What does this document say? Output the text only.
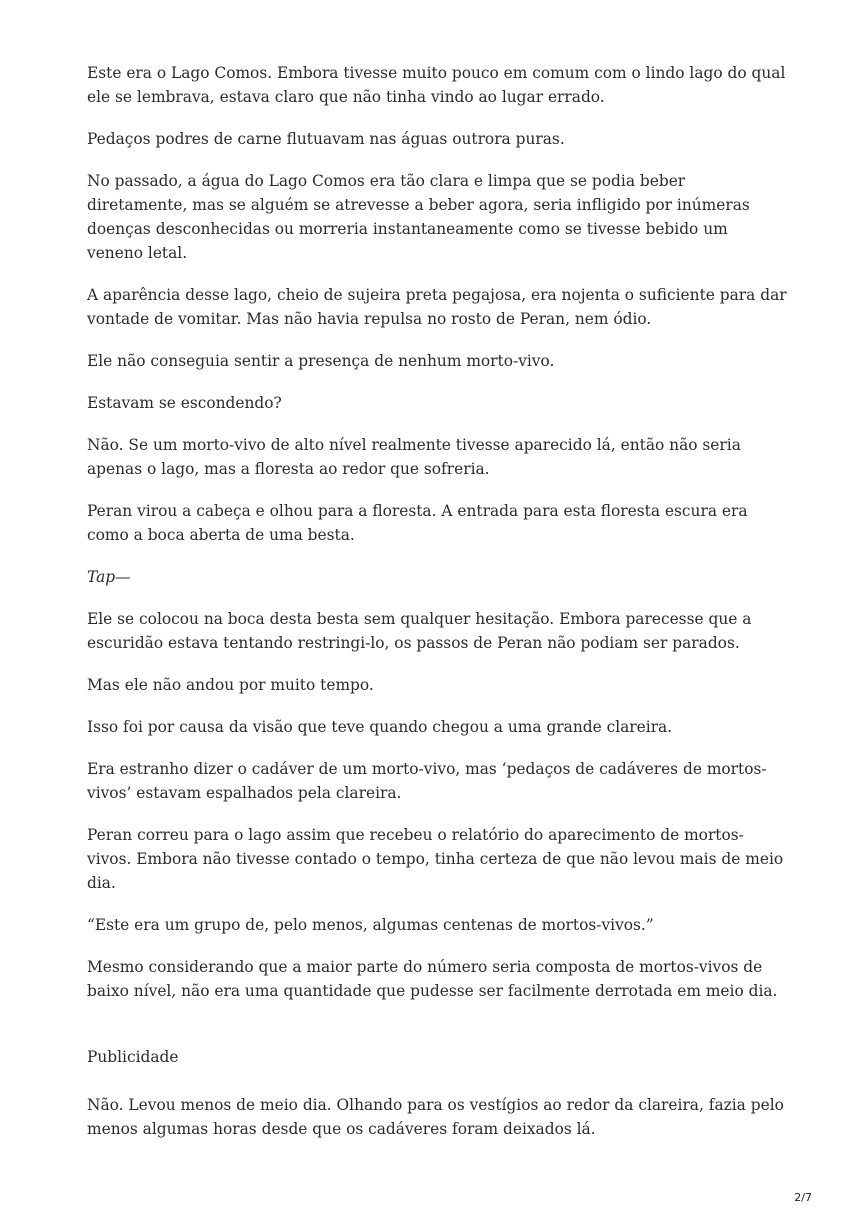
Este era o Lago Comos. Embora tivesse muito pouco em comum com o lindo lago do qual ele se lembrava, estava claro que não tinha vindo ao lugar errado.

Pedaços podres de carne flutuavam nas águas outrora puras.

No passado, a água do Lago Comos era tão clara e limpa que se podia beber diretamente, mas se alguém se atrevesse a beber agora, seria infligido por inúmeras doenças desconhecidas ou morreria instantaneamente como se tivesse bebido um veneno letal.

A aparência desse lago, cheio de sujeira preta pegajosa, era nojenta o suficiente para dar vontade de vomitar. Mas não havia repulsa no rosto de Peran, nem ódio.

Ele não conseguia sentir a presença de nenhum morto-vivo.

Estavam se escondendo?

Não. Se um morto-vivo de alto nível realmente tivesse aparecido lá, então não seria apenas o lago, mas a floresta ao redor que sofreria.

Peran virou a cabeça e olhou para a floresta. A entrada para esta floresta escura era como a boca aberta de uma besta.

Tap—

Ele se colocou na boca desta besta sem qualquer hesitação. Embora parecesse que a escuridão estava tentando restringi-lo, os passos de Peran não podiam ser parados.

Mas ele não andou por muito tempo.

Isso foi por causa da visão que teve quando chegou a uma grande clareira.

Era estranho dizer o cadáver de um morto-vivo, mas ‘pedaços de cadáveres de mortos-vivos’ estavam espalhados pela clareira.

Peran correu para o lago assim que recebeu o relatório do aparecimento de mortos-vivos. Embora não tivesse contado o tempo, tinha certeza de que não levou mais de meio dia.

“Este era um grupo de, pelo menos, algumas centenas de mortos-vivos.”

Mesmo considerando que a maior parte do número seria composta de mortos-vivos de baixo nível, não era uma quantidade que pudesse ser facilmente derrotada em meio dia.

Publicidade

Não. Levou menos de meio dia. Olhando para os vestígios ao redor da clareira, fazia pelo menos algumas horas desde que os cadáveres foram deixados lá.

2/7
